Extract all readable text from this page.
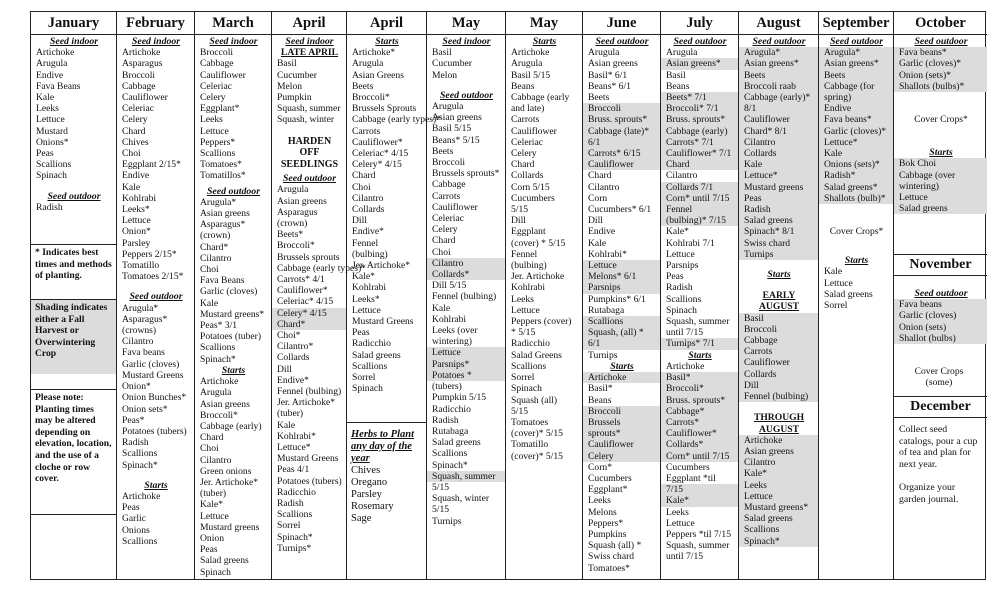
January
Seed indoor
Artichoke
Arugula
Endive
Fava Beans
Kale
Leeks
Lettuce
Mustard
Onions*
Peas
Scallions
Spinach
Seed outdoor
Radish
* Indicates best times and methods of planting.
Shading indicates either a Fall Harvest or Overwintering Crop
Please note: Planting times may be altered depending on elevation, location, and the use of a cloche or row cover.
February
Seed indoor
Artichoke
Asparagus
Broccoli
Cabbage
Cauliflower
Celeriac
Celery
Chard
Chives
Choi
Eggplant 2/15*
Endive
Kale
Kohlrabi
Leeks*
Lettuce
Onion*
Parsley
Peppers 2/15*
Tomatillo
Tomatoes 2/15*
Seed outdoor
Arugula*
Asparagus*
(crowns)
Cilantro
Fava beans
Garlic (cloves)
Mustard Greens
Onion*
Onion Bunches*
Onion sets*
Peas*
Potatoes (tubers)
Radish
Scallions
Spinach*
Starts
Artichoke
Peas
Garlic
Onions
Scallions
March
Seed indoor
Broccoli
Cabbage
Cauliflower
Celeriac
Celery
Eggplant*
Leeks
Lettuce
Peppers*
Scallions
Tomatoes*
Tomatillos*
Seed outdoor
Arugula*
Asian greens
Asparagus*
(crown)
Chard*
Cilantro
Choi
Fava Beans
Garlic (cloves)
Kale
Mustard greens*
Peas* 3/1
Potatoes (tuber)
Scallions
Spinach*
Starts
Artichoke
Arugula
Asian greens
Broccoli*
Cabbage (early)
Chard
Choi
Cilantro
Green onions
Jer. Artichoke*
(tuber)
Kale*
Lettuce
Mustard greens
Onion
Peas
Salad greens
Spinach
April
Seed indoor
LATE APRIL
Basil
Cucumber
Melon
Pumpkin
Squash, summer
Squash, winter
HARDEN OFF SEEDLINGS
Seed outdoor
Arugula
Asian greens
Asparagus
(crown)
Beets*
Broccoli*
Brussels sprouts
Cabbage (early types)*
Carrots* 4/1
Cauliflower*
Celeriac* 4/15
Celery* 4/15
Chard*
Choi*
Cilantro*
Collards
Dill
Endive*
Fennel (bulbing)
Jer. Artichoke*
(tuber)
Kale
Kohlrabi*
Lettuce*
Mustard Greens
Peas 4/1
Potatoes (tubers)
Radicchio
Radish
Scallions
Sorrel
Spinach*
Turnips*
April
Starts
Artichoke*
Arugula
Asian Greens
Beets
Broccoli*
Brussels Sprouts
Cabbage (early types)*
Carrots
Cauliflower*
Celeriac* 4/15
Celery* 4/15
Chard
Choi
Cilantro
Collards
Dill
Endive*
Fennel
(bulbing)
Jer. Artichoke*
Kale*
Kohlrabi
Leeks*
Lettuce
Mustard Greens
Peas
Radicchio
Salad greens
Scallions
Sorrel
Spinach
Herbs to Plant any day of the year
Chives
Oregano
Parsley
Rosemary
Sage
May
Seed indoor
Basil
Cucumber
Melon
Seed outdoor
Arugula
Asian greens
Basil 5/15
Beans* 5/15
Beets
Broccoli
Brussels sprouts*
Cabbage
Carrots
Cauliflower
Celeriac
Celery
Chard
Choi
Cilantro
Collards*
Dill 5/15
Fennel (bulbing)
Kale
Kohlrabi
Leeks (over
wintering)
Lettuce
Parsnips*
Potatoes *
(tubers)
Pumpkin 5/15
Radicchio
Radish
Rutabaga
Salad greens
Scallions
Spinach*
Squash, summer
5/15
Squash, winter
5/15
Turnips
May
Starts
Artichoke
Arugula
Basil 5/15
Beans
Cabbage (early
and late)
Carrots
Cauliflower
Celeriac
Celery
Chard
Collards
Corn 5/15
Cucumbers
5/15
Dill
Eggplant
(cover) * 5/15
Fennel
(bulbing)
Jer. Artichoke
Kohlrabi
Leeks
Lettuce
Peppers (cover)
* 5/15
Radicchio
Salad Greens
Scallions
Sorrel
Spinach
Squash (all)
5/15
Tomatoes
(cover)* 5/15
Tomatillo
(cover)* 5/15
June
Seed outdoor
Arugula
Asian greens
Basil* 6/1
Beans* 6/1
Beets
Broccoli
Bruss. sprouts*
Cabbage (late)*
6/1
Carrots* 6/15
Cauliflower
Chard
Cilantro
Corn
Cucumbers* 6/1
Dill
Endive
Kale
Kohlrabi*
Lettuce
Melons* 6/1
Parsnips
Pumpkins* 6/1
Rutabaga
Scallions
Squash, (all) *
6/1
Turnips
Starts
Artichoke
Basil*
Beans
Broccoli
Brussels
sprouts*
Cauliflower
Celery
Corn*
Cucumbers
Eggplant*
Leeks
Melons
Peppers*
Pumpkins
Squash (all) *
Swiss chard
Tomatoes*
July
Seed outdoor
Arugula
Asian greens*
Basil
Beans
Beets* 7/1
Broccoli* 7/1
Bruss. sprouts*
Cabbage (early)
Carrots* 7/1
Cauliflower* 7/1
Chard
Cilantro
Collards 7/1
Corn* until 7/15
Fennel
(bulbing)* 7/15
Kale*
Kohlrabi 7/1
Lettuce
Parsnips
Peas
Radish
Scallions
Spinach
Squash, summer
until 7/15
Turnips* 7/1
Starts
Artichoke
Basil*
Broccoli*
Bruss. sprouts*
Cabbage*
Carrots*
Cauliflower*
Collards*
Corn* until 7/15
Cucumbers
Eggplant *til
7/15
Kale*
Leeks
Lettuce
Peppers *til 7/15
Squash, summer
until 7/15
August
Seed outdoor
Arugula*
Asian greens*
Beets
Broccoli raab
Cabbage (early)*
8/1
Cauliflower
Chard* 8/1
Cilantro
Collards
Kale
Lettuce*
Mustard greens
Peas
Radish
Salad greens
Spinach* 8/1
Swiss chard
Turnips
Starts
EARLY AUGUST
Basil
Broccoli
Cabbage
Carrots
Cauliflower
Collards
Dill
Fennel (bulbing)
THROUGH AUGUST
Artichoke
Asian greens
Cilantro
Kale*
Leeks
Lettuce
Mustard greens*
Salad greens
Scallions
Spinach*
September
Seed outdoor
Arugula*
Asian greens*
Beets
Cabbage (for
spring)
Endive
Fava beans*
Garlic (cloves)*
Lettuce*
Kale
Onions (sets)*
Radish*
Salad greens*
Shallots (bulb)*
Cover Crops*
Starts
Kale
Lettuce
Salad greens
Sorrel
October
Seed outdoor
Fava beans*
Garlic (cloves)*
Onion (sets)*
Shallots (bulbs)*
Cover Crops*
Starts
Bok Choi
Cabbage (over
wintering)
Lettuce
Salad greens
November
Seed outdoor
Fava beans
Garlic (cloves)
Onion (sets)
Shallot (bulbs)
Cover Crops (some)
December
Collect seed catalogs, pour a cup of tea and plan for next year.
Organize your garden journal.
